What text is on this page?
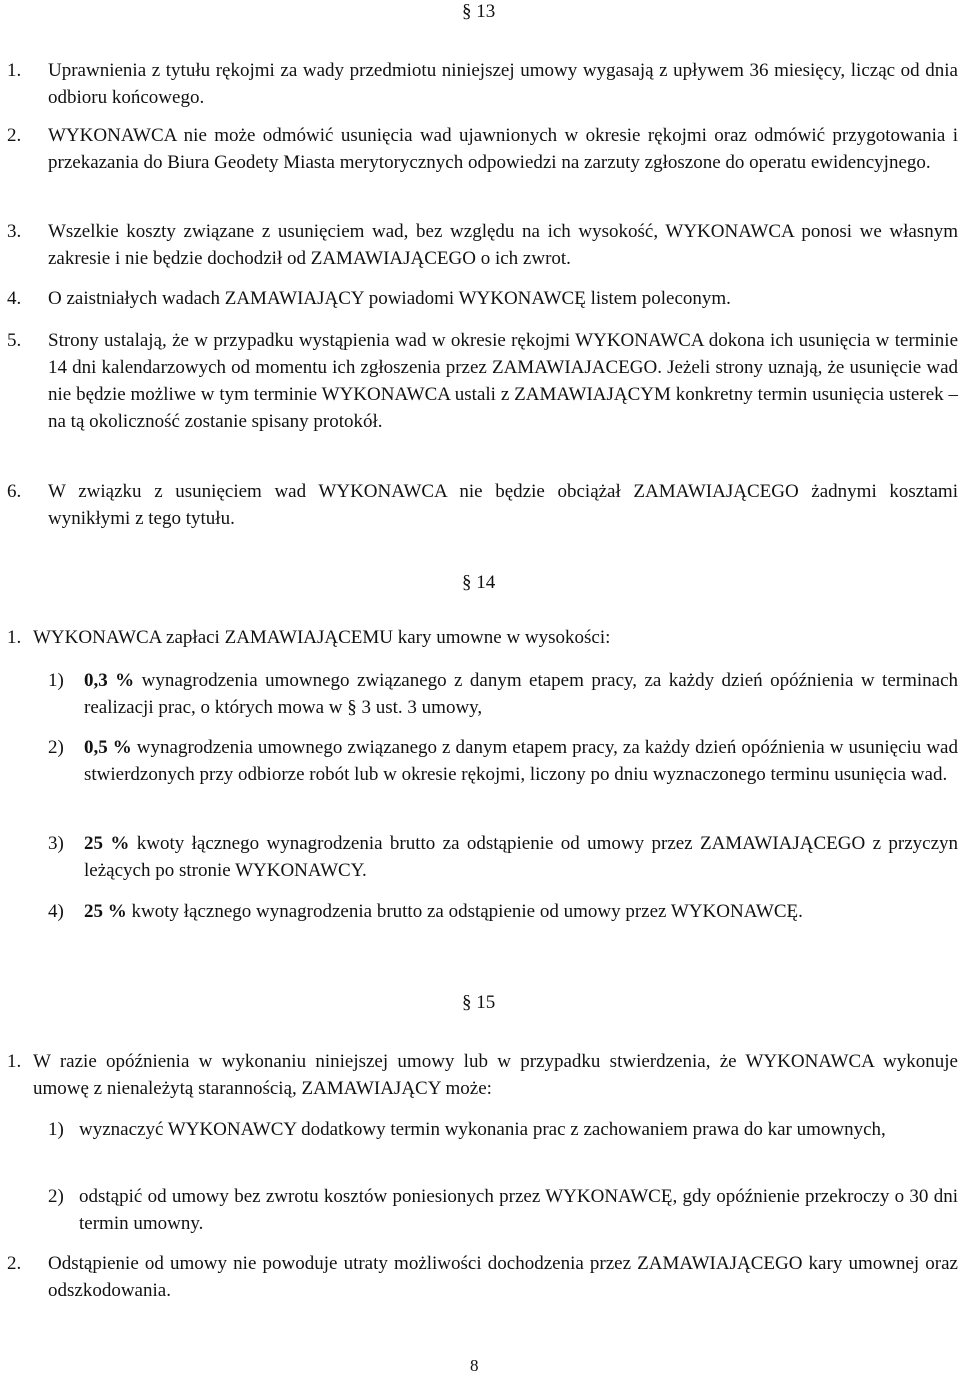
§ 13
1. Uprawnienia z tytułu rękojmi za wady przedmiotu niniejszej umowy wygasają z upływem 36 miesięcy, licząc od dnia odbioru końcowego.
2. WYKONAWCA nie może odmówić usunięcia wad ujawnionych w okresie rękojmi oraz odmówić przygotowania i przekazania do Biura Geodety Miasta merytorycznych odpowiedzi na zarzuty zgłoszone do operatu ewidencyjnego.
3. Wszelkie koszty związane z usunięciem wad, bez względu na ich wysokość, WYKONAWCA ponosi we własnym zakresie i nie będzie dochodził od ZAMAWIAJĄCEGO o ich zwrot.
4. O zaistniałych wadach ZAMAWIAJĄCY powiadomi WYKONAWCĘ listem poleconym.
5. Strony ustalają, że w przypadku wystąpienia wad w okresie rękojmi WYKONAWCA dokona ich usunięcia w terminie 14 dni kalendarzowych od momentu ich zgłoszenia przez ZAMAWIAJACEGO. Jeżeli strony uznają, że usunięcie wad nie będzie możliwe w tym terminie WYKONAWCA ustali z ZAMAWIAJĄCYM konkretny termin usunięcia usterek – na tą okoliczność zostanie spisany protokół.
6. W związku z usunięciem wad WYKONAWCA nie będzie obciążał ZAMAWIAJĄCEGO żadnymi kosztami wynikłymi z tego tytułu.
§ 14
1. WYKONAWCA zapłaci ZAMAWIAJĄCEMU kary umowne w wysokości:
1) 0,3 % wynagrodzenia umownego związanego z danym etapem pracy, za każdy dzień opóźnienia w terminach realizacji prac, o których mowa w § 3 ust. 3 umowy,
2) 0,5 % wynagrodzenia umownego związanego z danym etapem pracy, za każdy dzień opóźnienia w usunięciu wad stwierdzonych przy odbiorze robót lub w okresie rękojmi, liczony po dniu wyznaczonego terminu usunięcia wad.
3) 25 % kwoty łącznego wynagrodzenia brutto za odstąpienie od umowy przez ZAMAWIAJĄCEGO z przyczyn leżących po stronie WYKONAWCY.
4) 25 % kwoty łącznego wynagrodzenia brutto za odstąpienie od umowy przez WYKONAWCĘ.
§ 15
1. W razie opóźnienia w wykonaniu niniejszej umowy lub w przypadku stwierdzenia, że WYKONAWCA wykonuje umowę z nienależytą starannością, ZAMAWIAJĄCY może:
1) wyznaczyć WYKONAWCY dodatkowy termin wykonania prac z zachowaniem prawa do kar umownych,
2) odstąpić od umowy bez zwrotu kosztów poniesionych przez WYKONAWCĘ, gdy opóźnienie przekroczy o 30 dni termin umowny.
2. Odstąpienie od umowy nie powoduje utraty możliwości dochodzenia przez ZAMAWIAJĄCEGO kary umownej oraz odszkodowania.
8
